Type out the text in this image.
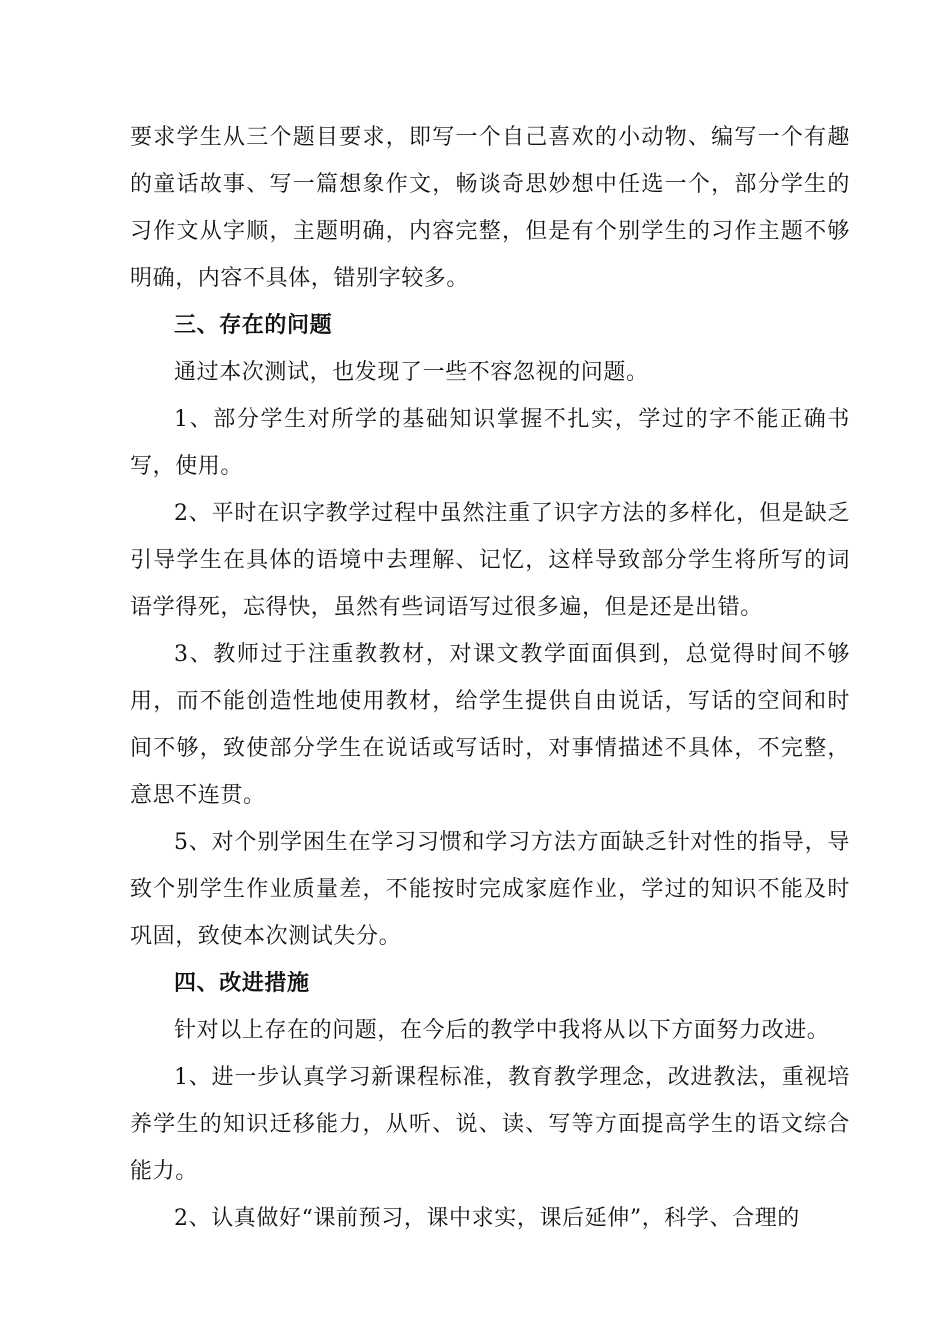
要求学生从三个题目要求，即写一个自己喜欢的小动物、编写一个有趣的童话故事、写一篇想象作文，畅谈奇思妙想中任选一个，部分学生的习作文从字顺，主题明确，内容完整，但是有个别学生的习作主题不够明确，内容不具体，错别字较多。

三、存在的问题

通过本次测试，也发现了一些不容忽视的问题。

1、部分学生对所学的基础知识掌握不扎实，学过的字不能正确书写，使用。

2、平时在识字教学过程中虽然注重了识字方法的多样化，但是缺乏引导学生在具体的语境中去理解、记忆，这样导致部分学生将所写的词语学得死，忘得快，虽然有些词语写过很多遍，但是还是出错。

3、教师过于注重教教材，对课文教学面面俱到，总觉得时间不够用，而不能创造性地使用教材，给学生提供自由说话，写话的空间和时间不够，致使部分学生在说话或写话时，对事情描述不具体，不完整，意思不连贯。

5、对个别学困生在学习习惯和学习方法方面缺乏针对性的指导，导致个别学生作业质量差，不能按时完成家庭作业，学过的知识不能及时巩固，致使本次测试失分。

四、改进措施

针对以上存在的问题，在今后的教学中我将从以下方面努力改进。

1、进一步认真学习新课程标准，教育教学理念，改进教法，重视培养学生的知识迁移能力，从听、说、读、写等方面提高学生的语文综合能力。

2、认真做好“课前预习，课中求实，课后延伸”，科学、合理的
